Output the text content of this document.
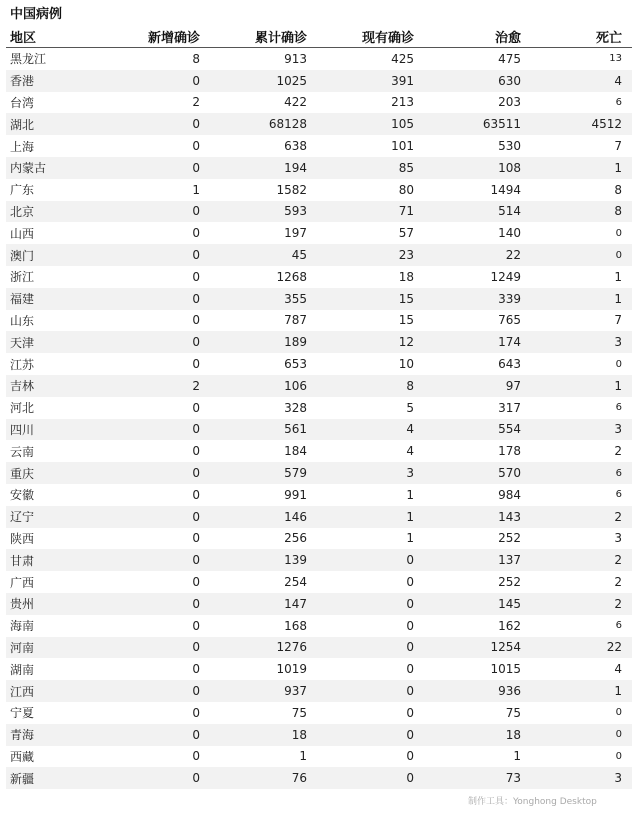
中国病例
地区	新增确诊	累计确诊	现有确诊	治愈	死亡
黑龙江	8	913	425	475	13
香港	0	1025	391	630	4
台湾	2	422	213	203	6
湖北	0	68128	105	63511	4512
上海	0	638	101	530	7
内蒙古	0	194	85	108	1
广东	1	1582	80	1494	8
北京	0	593	71	514	8
山西	0	197	57	140	0
澳门	0	45	23	22	0
浙江	0	1268	18	1249	1
福建	0	355	15	339	1
山东	0	787	15	765	7
天津	0	189	12	174	3
江苏	0	653	10	643	0
吉林	2	106	8	97	1
河北	0	328	5	317	6
四川	0	561	4	554	3
云南	0	184	4	178	2
重庆	0	579	3	570	6
安徽	0	991	1	984	6
辽宁	0	146	1	143	2
陕西	0	256	1	252	3
甘肃	0	139	0	137	2
广西	0	254	0	252	2
贵州	0	147	0	145	2
海南	0	168	0	162	6
河南	0	1276	0	1254	22
湖南	0	1019	0	1015	4
江西	0	937	0	936	1
宁夏	0	75	0	75	0
青海	0	18	0	18	0
西藏	0	1	0	1	0
新疆	0	76	0	73	3
制作工具：Yonghong Desktop
